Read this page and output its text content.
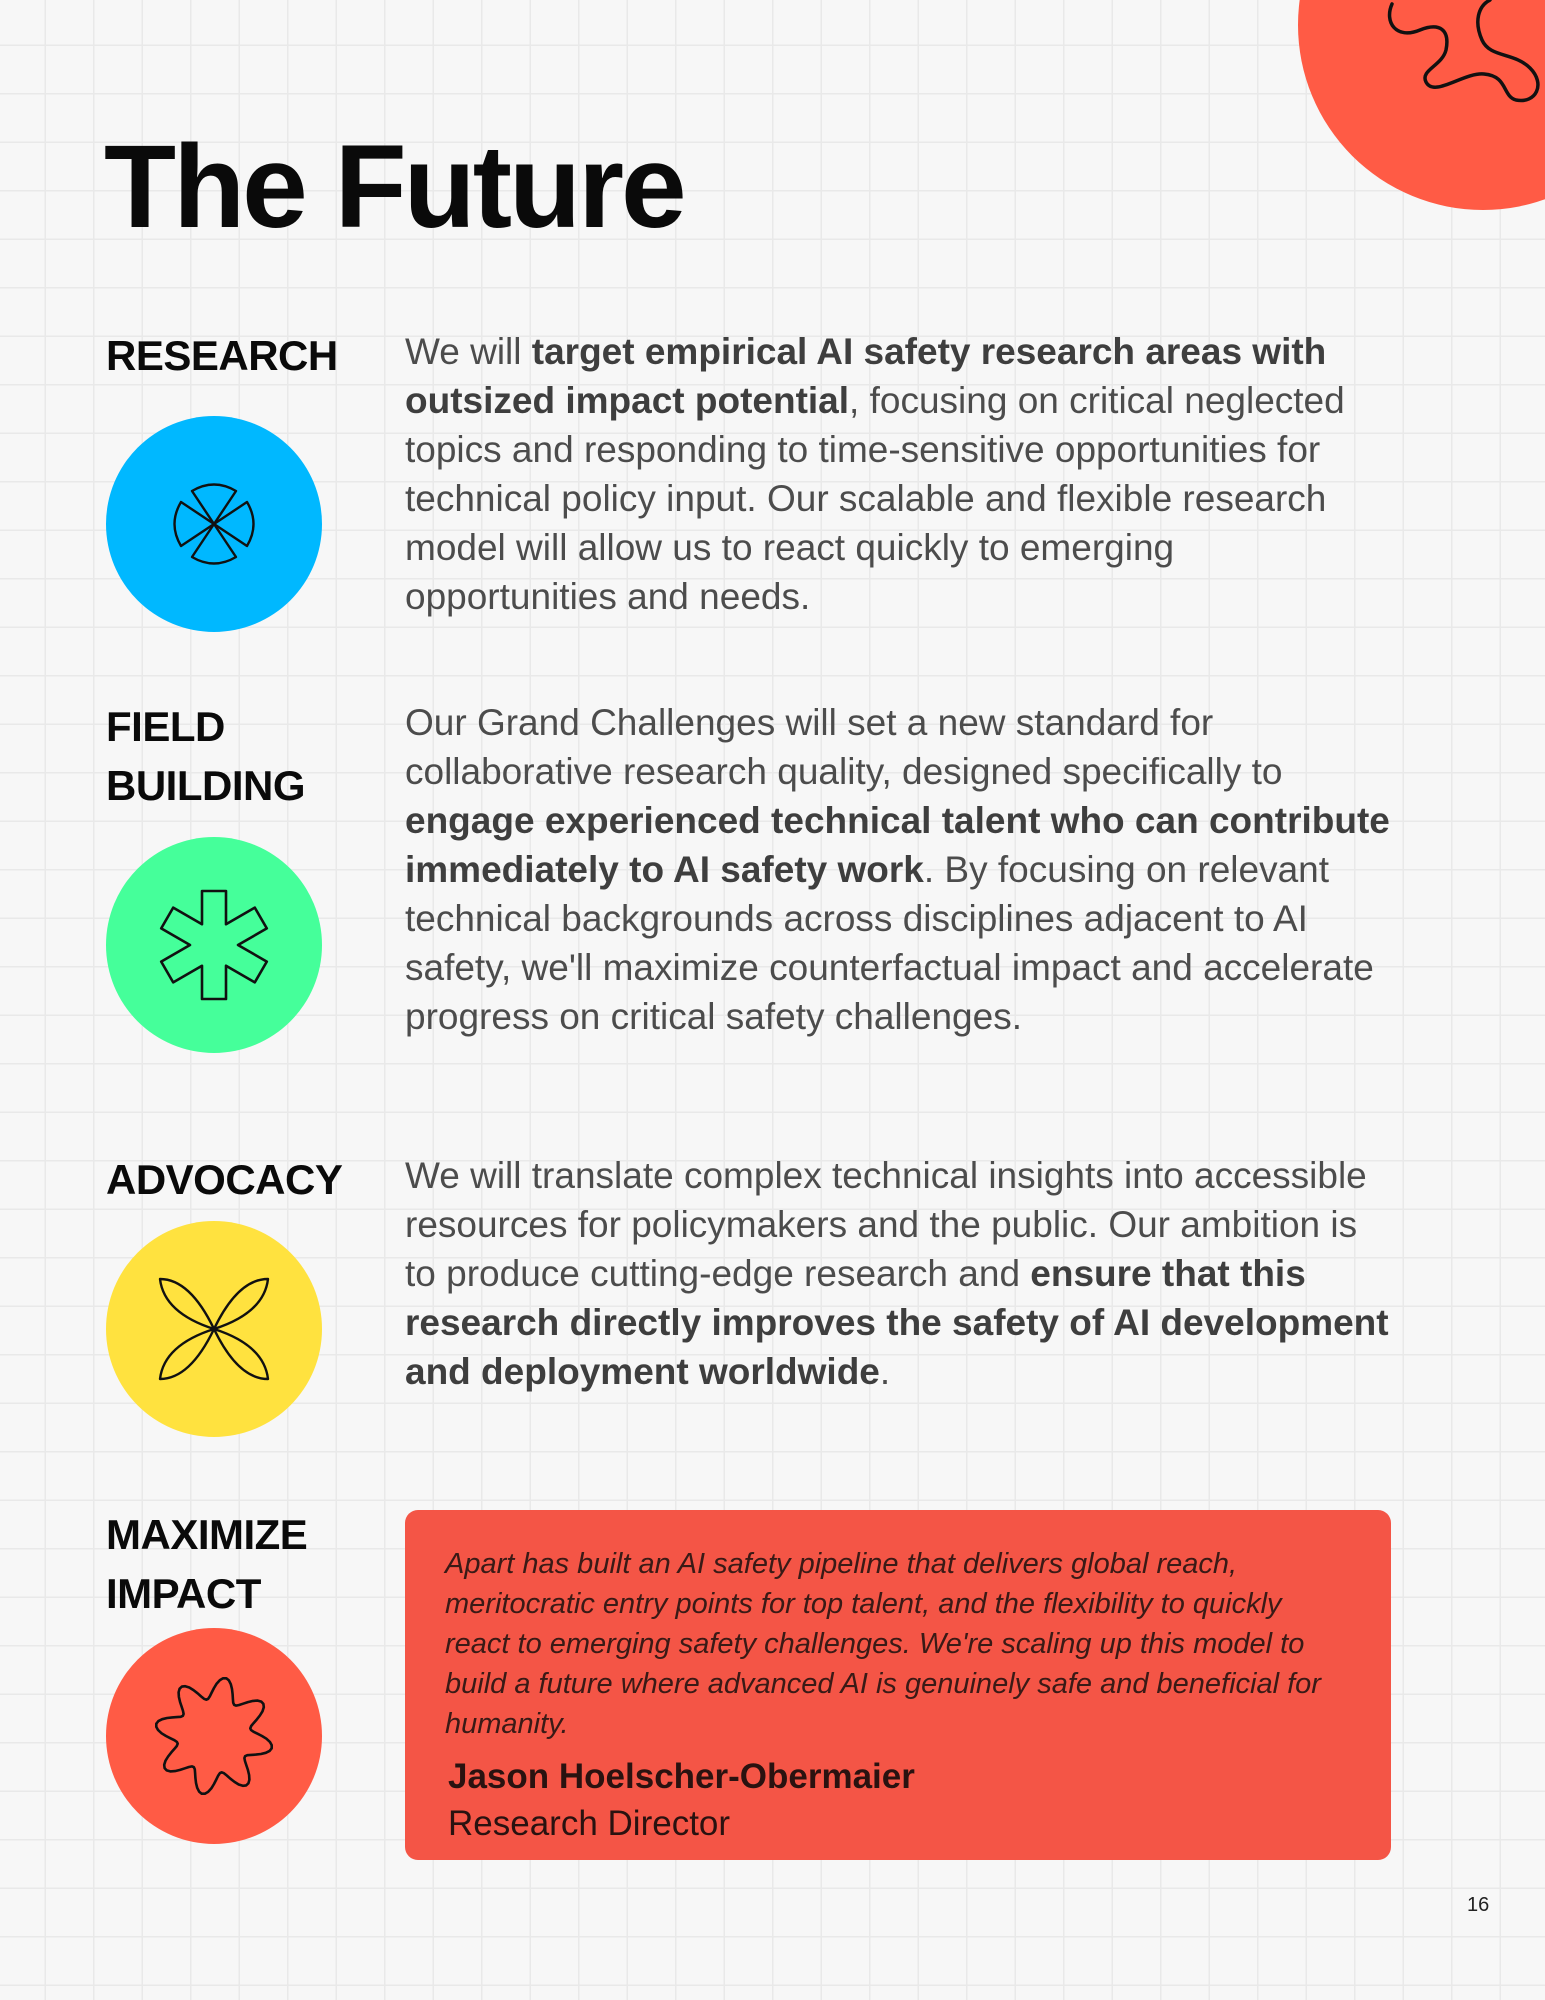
The Future
RESEARCH We will target empirical AI safety research areas with outsized impact potential, focusing on critical neglected topics and responding to time-sensitive opportunities for technical policy input. Our scalable and flexible research model will allow us to react quickly to emerging opportunities and needs.

FIELD BUILDING

Our Grand Challenges will set a new standard for collaborative research quality, designed specifically to engage experienced technical talent who can contribute immediately to AI safety work. By focusing on relevant technical backgrounds across disciplines adjacent to AI safety, we'll maximize counterfactual impact and accelerate progress on critical safety challenges.

ADVOCACY We will translate complex technical insights into accessible resources for policymakers and the public. Our ambition is to produce cutting-edge research and ensure that this research directly improves the safety of AI development and deployment worldwide.

MAXIMIZE IMPACT

Apart has built an AI safety pipeline that delivers global reach, meritocratic entry points for top talent, and the flexibility to quickly react to emerging safety challenges. We're scaling up this model to build a future where advanced AI is genuinely safe and beneficial for humanity.

Jason Hoelscher-Obermaier
Research Director
16
